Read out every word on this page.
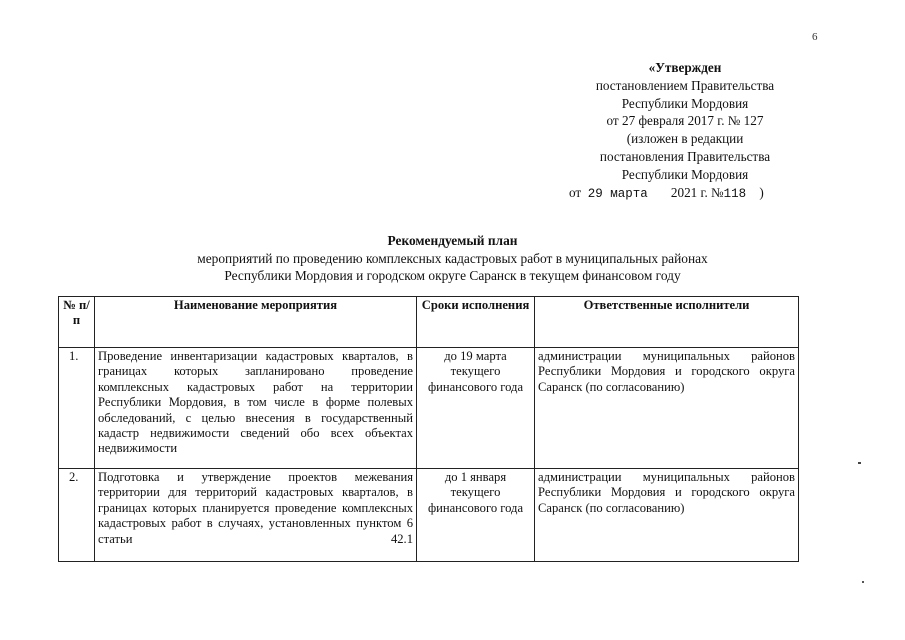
6
«Утвержден
постановлением Правительства
Республики Мордовия
от 27 февраля 2017 г. № 127
(изложен в редакции
постановления Правительства
Республики Мордовия
от 29 марта 2021 г. №118 )
Рекомендуемый план
мероприятий по проведению комплексных кадастровых работ в муниципальных районах
Республики Мордовия и городском округе Саранск в текущем финансовом году
№ п/п	Наименование мероприятия	Сроки исполнения	Ответственные исполнители
1.	Проведение инвентаризации кадастровых кварталов, в границах которых запланировано проведение комплексных кадастровых работ на территории Республики Мордовия, в том числе в форме полевых обследований, с целью внесения в государственный кадастр недвижимости сведений обо всех объектах недвижимости	до 19 марта текущего финансового года	администрации муниципальных районов Республики Мордовия и городского округа Саранск (по согласованию)
2.	Подготовка и утверждение проектов межевания территории для территорий кадастровых кварталов, в границах которых планируется проведение комплексных кадастровых работ в случаях, установленных пунктом 6 статьи 42.1	до 1 января текущего финансового года	администрации муниципальных районов Республики Мордовия и городского округа Саранск (по согласованию)
